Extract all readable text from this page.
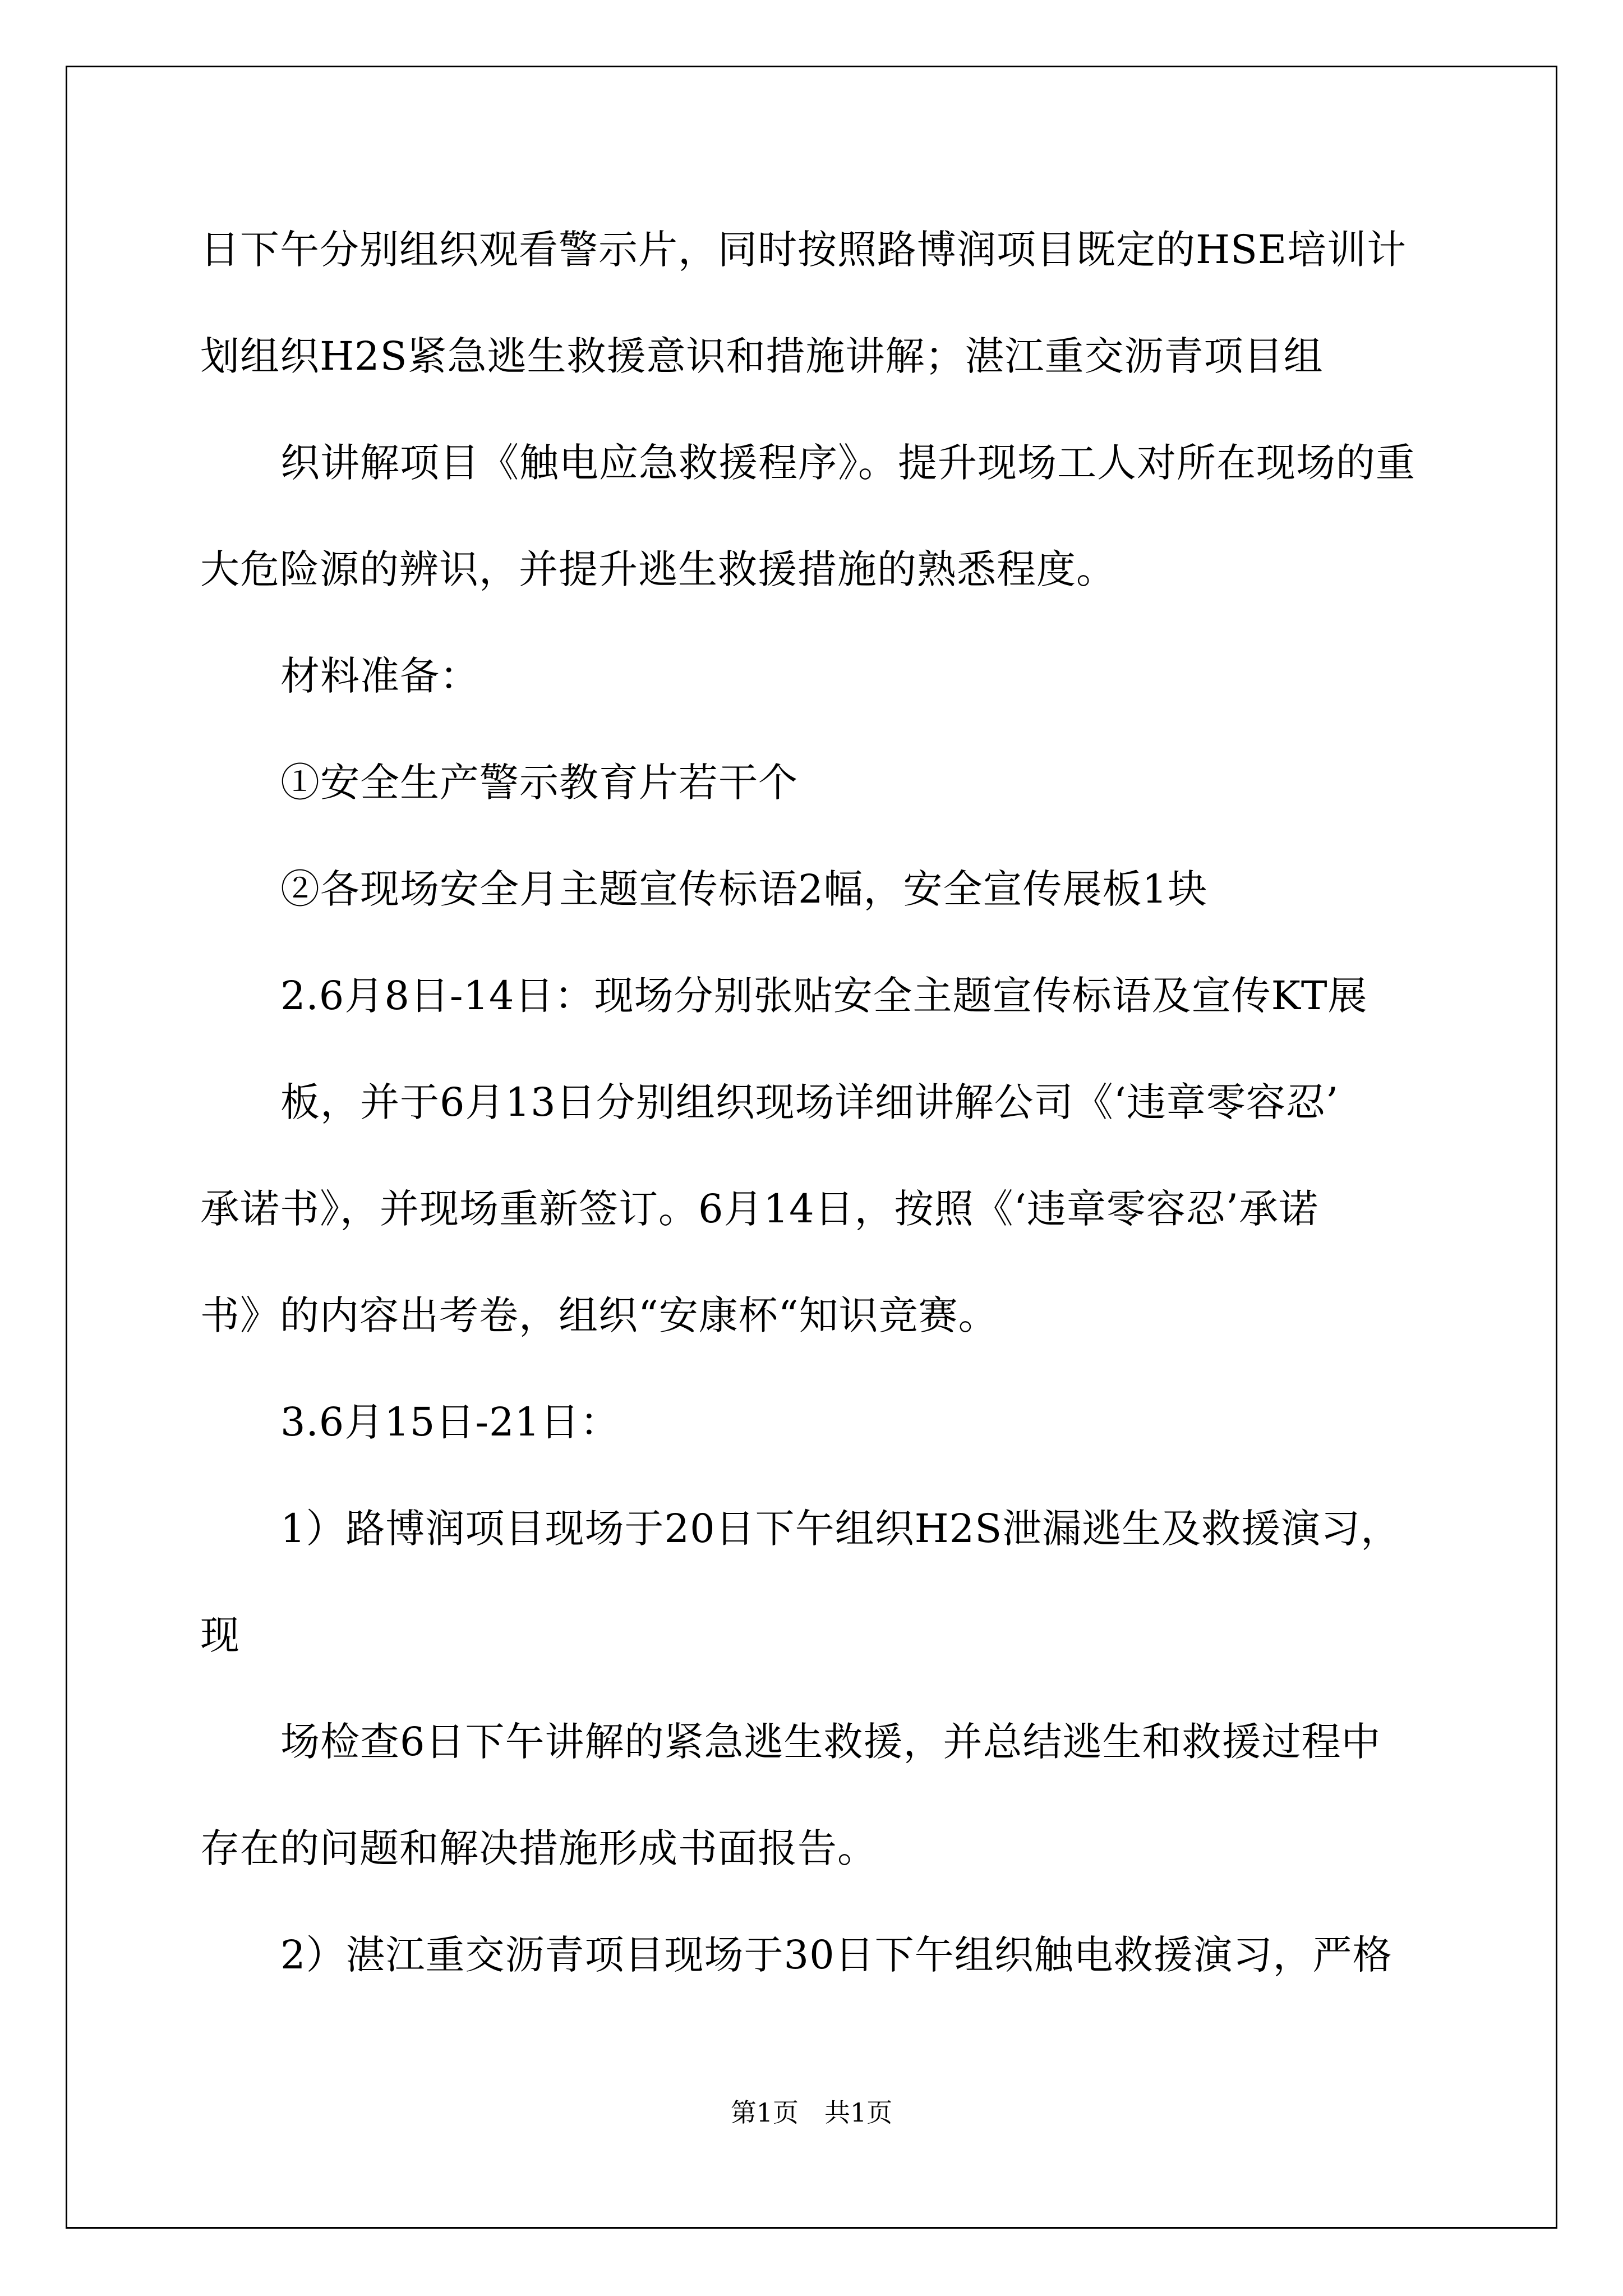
日下午分别组织观看警示片，同时按照路博润项目既定的HSE培训计
划组织H2S紧急逃生救援意识和措施讲解；湛江重交沥青项目组
织讲解项目《触电应急救援程序》。提升现场工人对所在现场的重
大危险源的辨识，并提升逃生救援措施的熟悉程度。
材料准备：
①安全生产警示教育片若干个
②各现场安全月主题宣传标语2幅，安全宣传展板1块
2.6月8日-14日：现场分别张贴安全主题宣传标语及宣传KT展
板，并于6月13日分别组织现场详细讲解公司《‘违章零容忍’
承诺书》，并现场重新签订。6月14日，按照《‘违章零容忍’承诺
书》的内容出考卷，组织“安康杯“知识竞赛。
3.6月15日-21日：
1）路博润项目现场于20日下午组织H2S泄漏逃生及救援演习，
现
场检查6日下午讲解的紧急逃生救援，并总结逃生和救援过程中
存在的问题和解决措施形成书面报告。
2）湛江重交沥青项目现场于30日下午组织触电救援演习，严格
第1页　共1页
